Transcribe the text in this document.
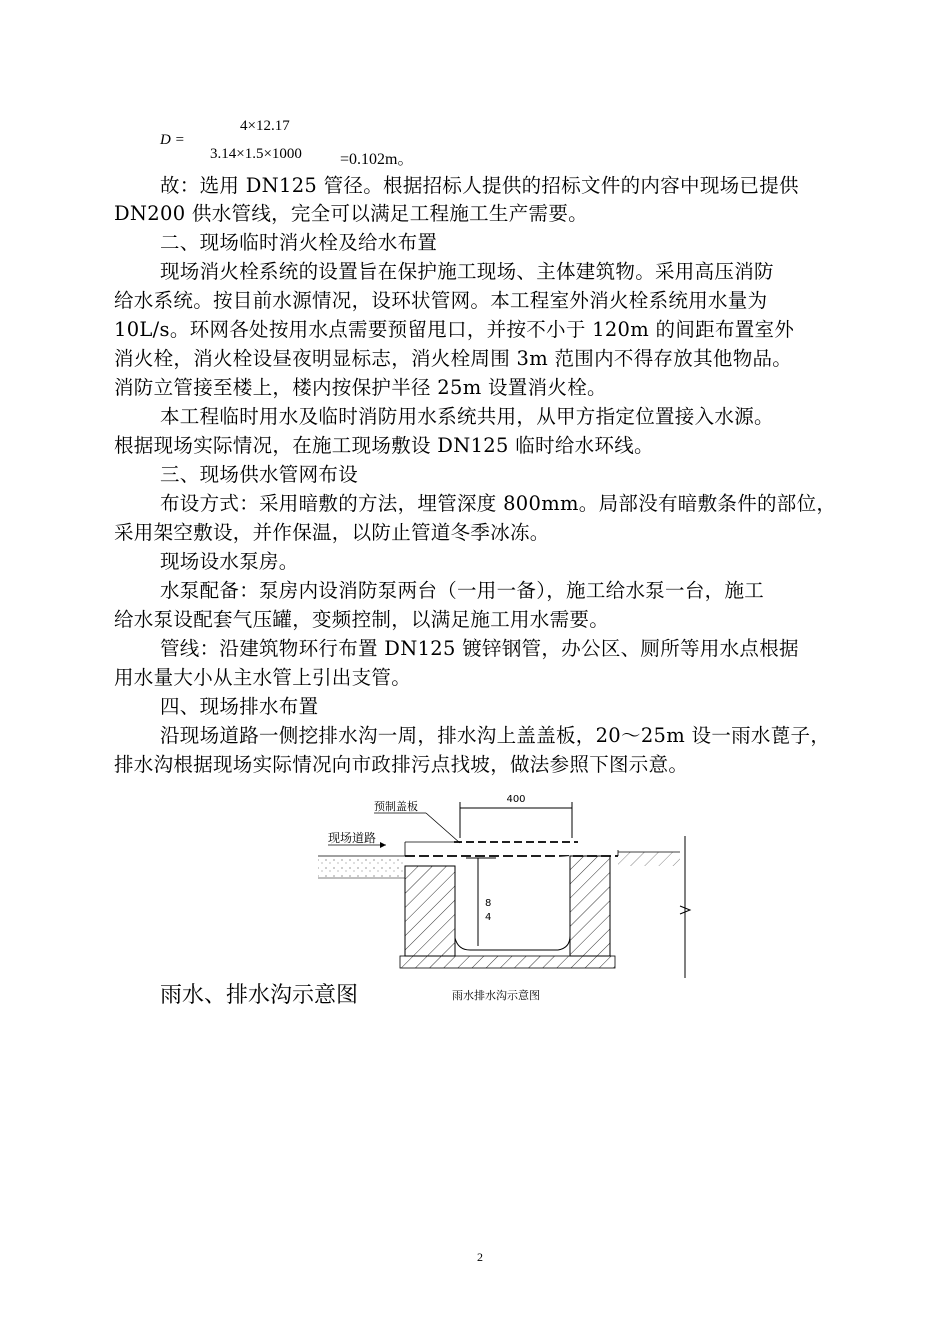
D =
4×12.17
3.14×1.5×1000 =0.102m。
故：选用 DN125 管径。根据招标人提供的招标文件的内容中现场已提供
DN200 供水管线，完全可以满足工程施工生产需要。
二、现场临时消火栓及给水布置
现场消火栓系统的设置旨在保护施工现场、主体建筑物。采用高压消防
给水系统。按目前水源情况，设环状管网。本工程室外消火栓系统用水量为
10L/s。环网各处按用水点需要预留甩口，并按不小于 120m 的间距布置室外
消火栓，消火栓设昼夜明显标志，消火栓周围 3m 范围内不得存放其他物品。
消防立管接至楼上，楼内按保护半径 25m 设置消火栓。
本工程临时用水及临时消防用水系统共用，从甲方指定位置接入水源。
根据现场实际情况，在施工现场敷设 DN125 临时给水环线。
三、现场供水管网布设
布设方式：采用暗敷的方法，埋管深度 800mm。局部没有暗敷条件的部位，
采用架空敷设，并作保温，以防止管道冬季冰冻。
现场设水泵房。
水泵配备：泵房内设消防泵两台（一用一备），施工给水泵一台，施工
给水泵设配套气压罐，变频控制，以满足施工用水需要。
管线：沿建筑物环行布置 DN125 镀锌钢管，办公区、厕所等用水点根据
用水量大小从主水管上引出支管。
四、现场排水布置
沿现场道路一侧挖排水沟一周，排水沟上盖盖板，20～25m 设一雨水蓖子，
排水沟根据现场实际情况向市政排污点找坡，做法参照下图示意。
400
预制盖板
现场道路
8
4
雨水、排水沟示意图	雨水排水沟示意图
2
